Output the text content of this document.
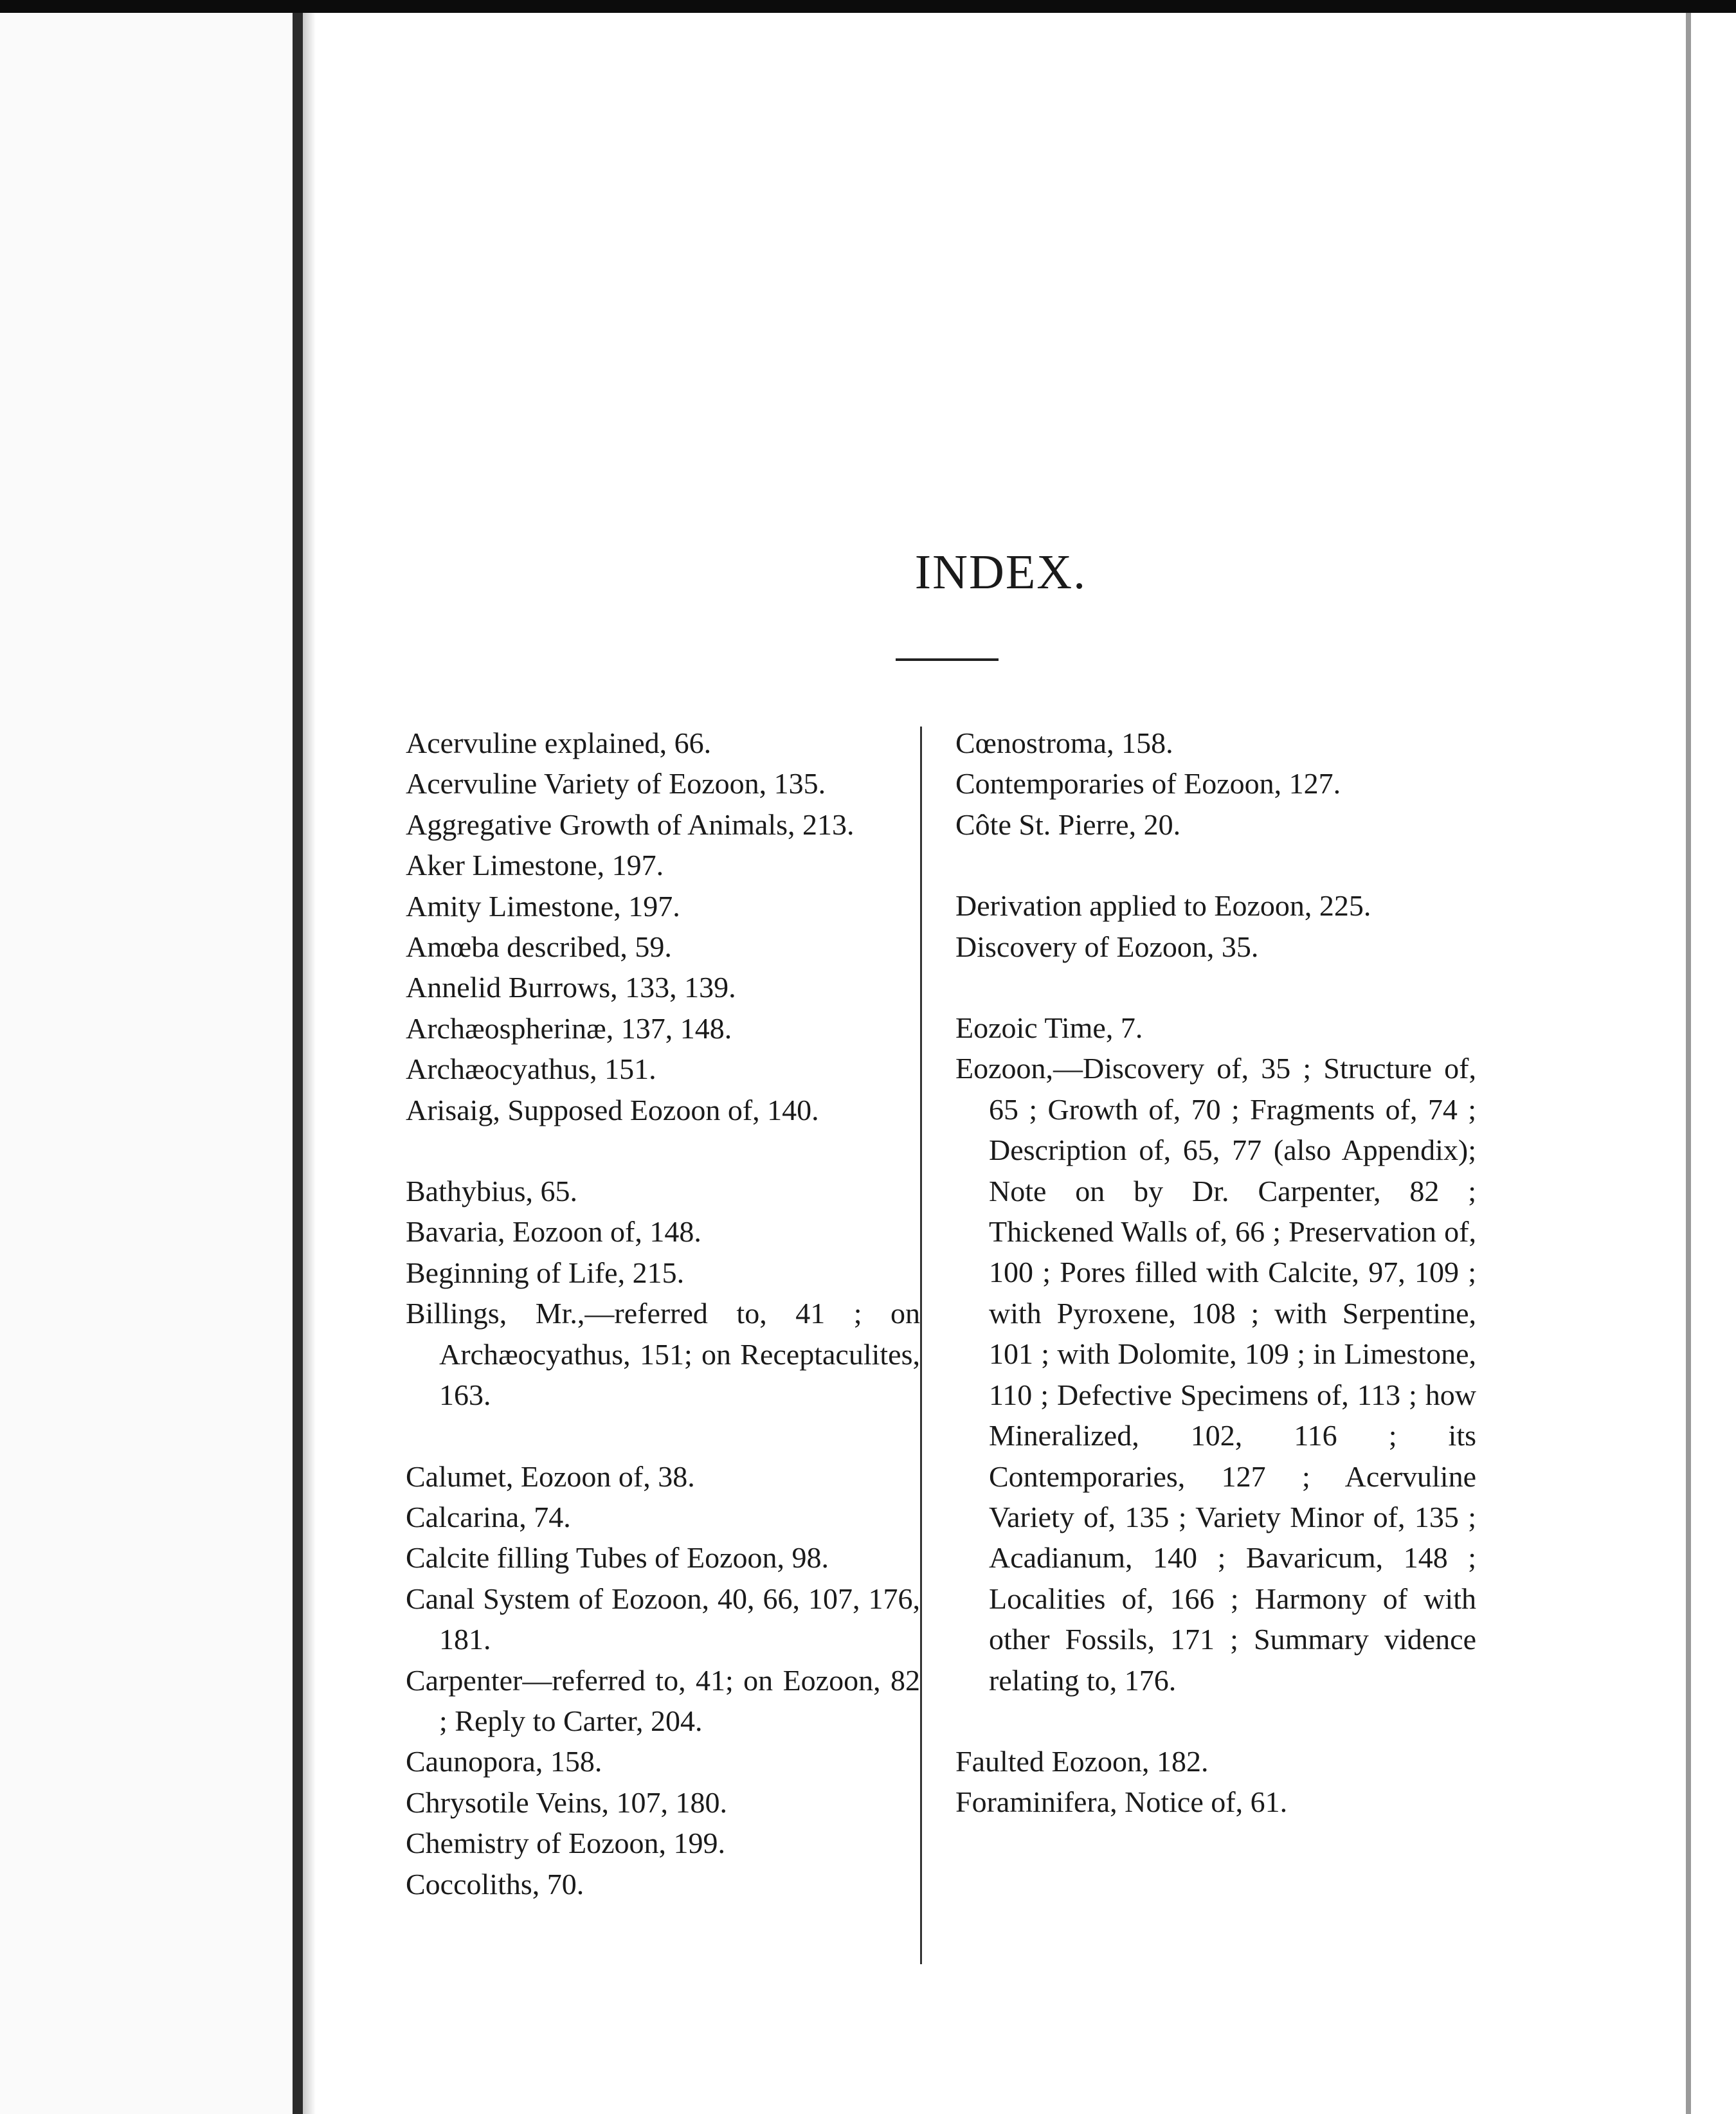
INDEX.
Acervuline explained, 66.
Acervuline Variety of Eozoon, 135.
Aggregative Growth of Animals, 213.
Aker Limestone, 197.
Amity Limestone, 197.
Amœba described, 59.
Annelid Burrows, 133, 139.
Archæospherinæ, 137, 148.
Archæocyathus, 151.
Arisaig, Supposed Eozoon of, 140.
Bathybius, 65.
Bavaria, Eozoon of, 148.
Beginning of Life, 215.
Billings, Mr.,—referred to, 41 ; on Archæocyathus, 151; on Receptaculites, 163.
Calumet, Eozoon of, 38.
Calcarina, 74.
Calcite filling Tubes of Eozoon, 98.
Canal System of Eozoon, 40, 66, 107, 176, 181.
Carpenter—referred to, 41; on Eozoon, 82 ; Reply to Carter, 204.
Caunopora, 158.
Chrysotile Veins, 107, 180.
Chemistry of Eozoon, 199.
Coccoliths, 70.
Cœnostroma, 158.
Contemporaries of Eozoon, 127.
Côte St. Pierre, 20.
Derivation applied to Eozoon, 225.
Discovery of Eozoon, 35.
Eozoic Time, 7.
Eozoon,—Discovery of, 35 ; Structure of, 65 ; Growth of, 70 ; Fragments of, 74 ; Description of, 65, 77 (also Appendix); Note on by Dr. Carpenter, 82 ; Thickened Walls of, 66 ; Preservation of, 100 ; Pores filled with Calcite, 97, 109 ; with Pyroxene, 108 ; with Serpentine, 101 ; with Dolomite, 109 ; in Limestone, 110 ; Defective Specimens of, 113 ; how Mineralized, 102, 116 ; its Contemporaries, 127 ; Acervuline Variety of, 135 ; Variety Minor of, 135 ; Acadianum, 140 ; Bavaricum, 148 ; Localities of, 166 ; Harmony of with other Fossils, 171 ; Summary vidence relating to, 176.
Faulted Eozoon, 182.
Foraminifera, Notice of, 61.
